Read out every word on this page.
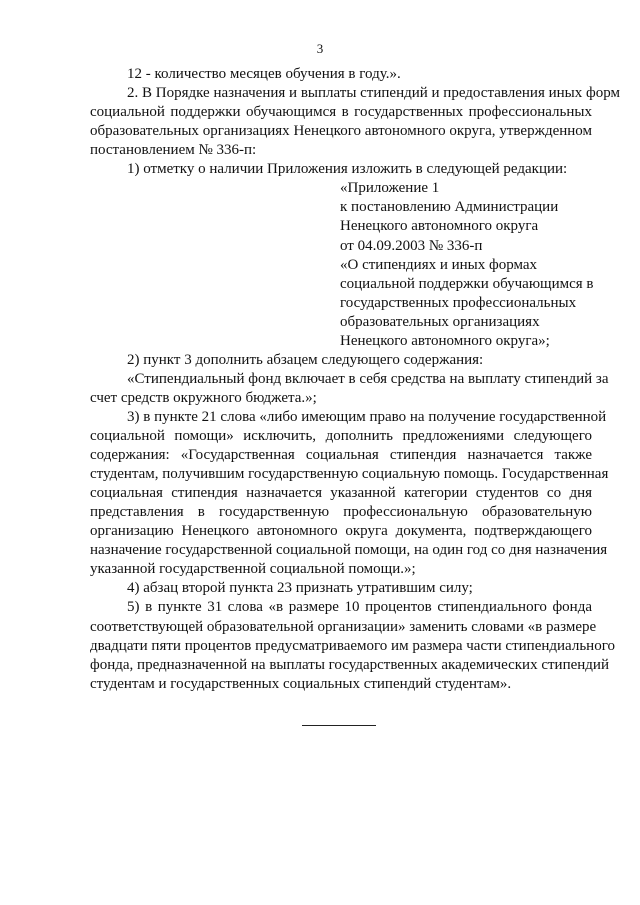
3
12 - количество месяцев обучения в году.».
2. В Порядке назначения и выплаты стипендий и предоставления иных форм
социальной поддержки обучающимся в государственных профессиональных
образовательных организациях Ненецкого автономного округа, утвержденном
постановлением № 336-п:
1) отметку о наличии Приложения изложить в следующей редакции:
«Приложение 1
к постановлению Администрации
Ненецкого автономного округа
от 04.09.2003 № 336-п
«О стипендиях и иных формах
социальной поддержки обучающимся в
государственных профессиональных
образовательных организациях
Ненецкого автономного округа»;
2) пункт 3 дополнить абзацем следующего содержания:
«Стипендиальный фонд включает в себя средства на выплату стипендий за
счет средств окружного бюджета.»;
3) в пункте 21 слова «либо имеющим право на получение государственной
социальной помощи» исключить, дополнить предложениями следующего
содержания: «Государственная социальная стипендия назначается также
студентам, получившим государственную социальную помощь. Государственная
социальная стипендия назначается указанной категории студентов со дня
представления в государственную профессиональную образовательную
организацию Ненецкого автономного округа документа, подтверждающего
назначение государственной социальной помощи, на один год со дня назначения
указанной государственной социальной помощи.»;
4) абзац второй пункта 23 признать утратившим силу;
5) в пункте 31 слова «в размере 10 процентов стипендиального фонда
соответствующей образовательной организации» заменить словами «в размере
двадцати пяти процентов предусматриваемого им размера части стипендиального
фонда, предназначенной на выплаты государственных академических стипендий
студентам и государственных социальных стипендий студентам».
